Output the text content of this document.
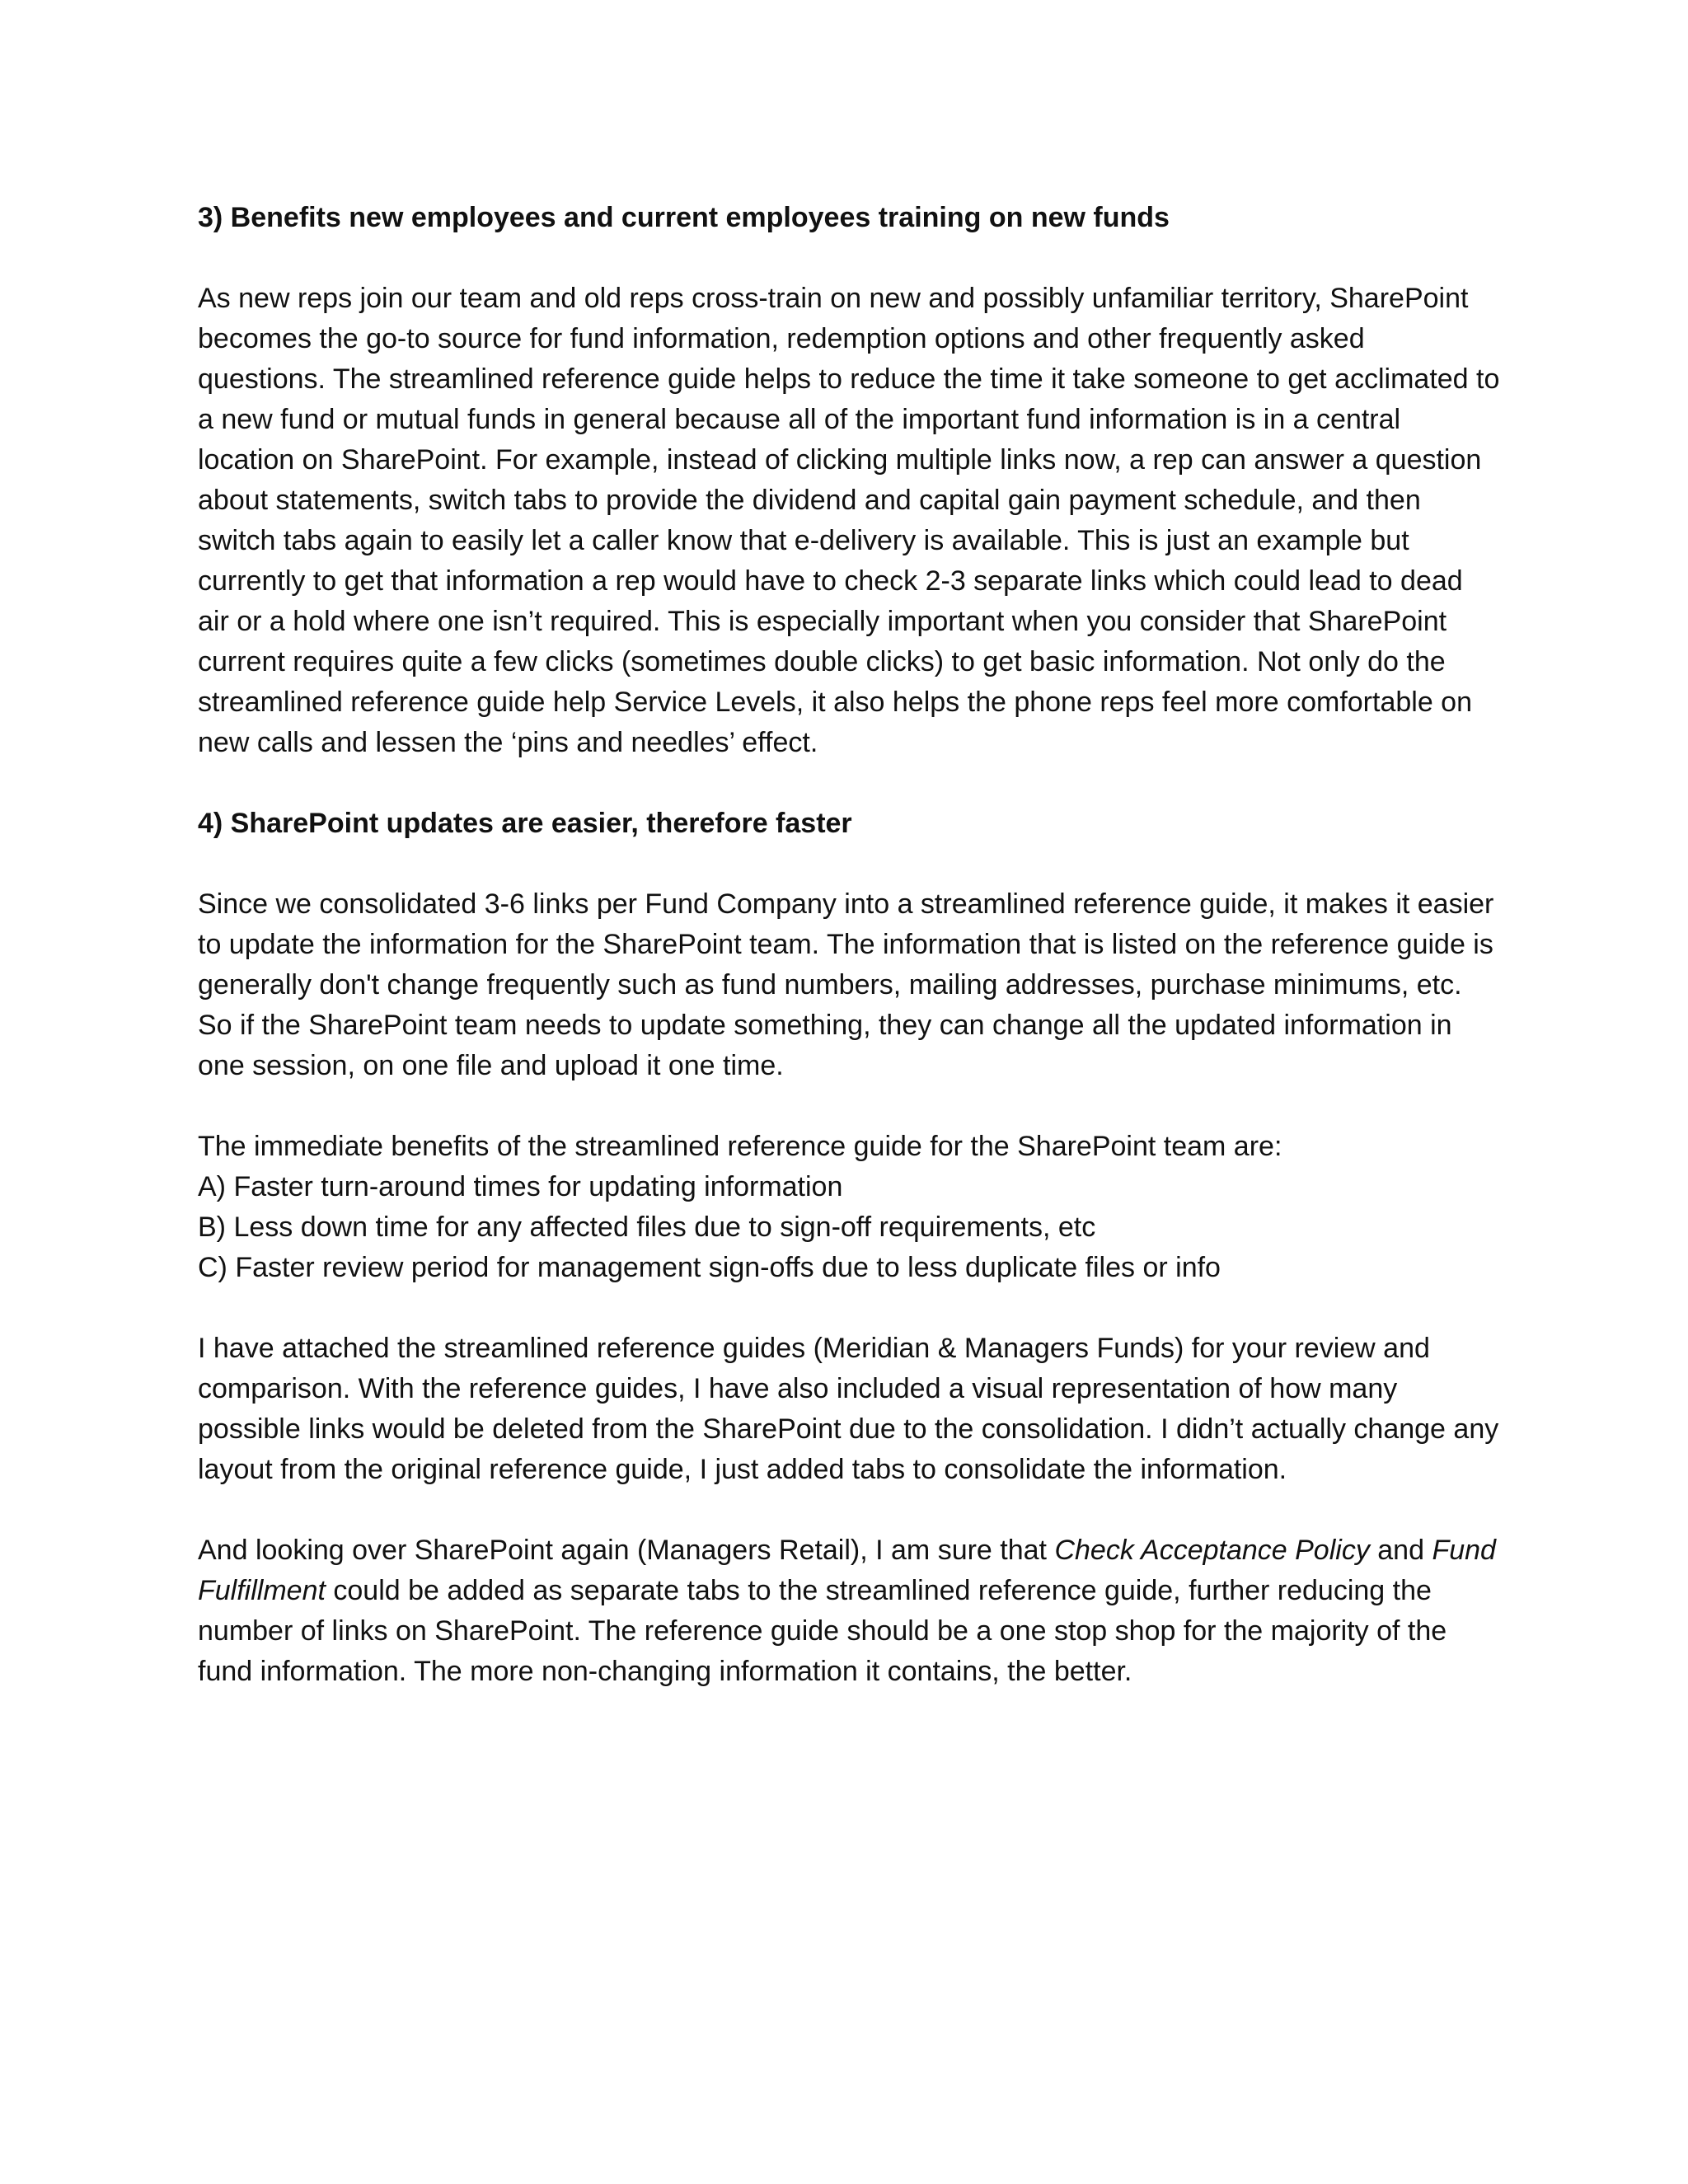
3) Benefits new employees and current employees training on new funds
As new reps join our team and old reps cross-train on new and possibly unfamiliar territory, SharePoint becomes the go-to source for fund information, redemption options and other frequently asked questions. The streamlined reference guide helps to reduce the time it take someone to get acclimated to a new fund or mutual funds in general because all of the important fund information is in a central location on SharePoint. For example, instead of clicking multiple links now, a rep can answer a question about statements, switch tabs to provide the dividend and capital gain payment schedule, and then switch tabs again to easily let a caller know that e-delivery is available. This is just an example but currently to get that information a rep would have to check 2-3 separate links which could lead to dead air or a hold where one isn’t required. This is especially important when you consider that SharePoint current requires quite a few clicks (sometimes double clicks) to get basic information. Not only do the streamlined reference guide help Service Levels, it also helps the phone reps feel more comfortable on new calls and lessen the ‘pins and needles’ effect.
4) SharePoint updates are easier, therefore faster
Since we consolidated 3-6 links per Fund Company into a streamlined reference guide, it makes it easier to update the information for the SharePoint team. The information that is listed on the reference guide is generally don't change frequently such as fund numbers, mailing addresses, purchase minimums, etc. So if the SharePoint team needs to update something, they can change all the updated information in one session, on one file and upload it one time.
The immediate benefits of the streamlined reference guide for the SharePoint team are:
A) Faster turn-around times for updating information
B) Less down time for any affected files due to sign-off requirements, etc
C) Faster review period for management sign-offs due to less duplicate files or info
I have attached the streamlined reference guides (Meridian & Managers Funds) for your review and comparison. With the reference guides, I have also included a visual representation of how many possible links would be deleted from the SharePoint due to the consolidation. I didn’t actually change any layout from the original reference guide, I just added tabs to consolidate the information.
And looking over SharePoint again (Managers Retail), I am sure that Check Acceptance Policy and Fund Fulfillment could be added as separate tabs to the streamlined reference guide, further reducing the number of links on SharePoint. The reference guide should be a one stop shop for the majority of the fund information. The more non-changing information it contains, the better.
